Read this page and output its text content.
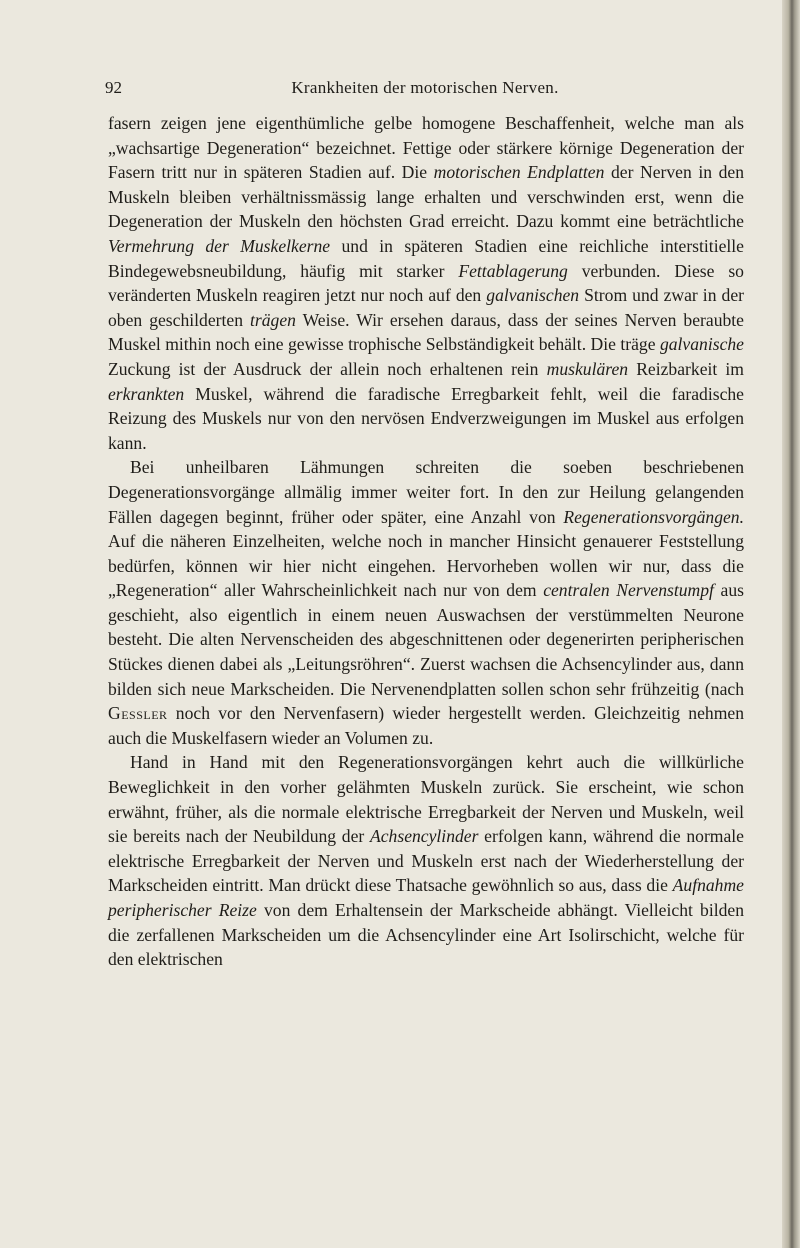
92	Krankheiten der motorischen Nerven.

fasern zeigen jene eigenthümliche gelbe homogene Beschaffenheit, welche man als „wachsartige Degeneration“ bezeichnet. Fettige oder stärkere körnige Degeneration der Fasern tritt nur in späteren Stadien auf. Die motorischen Endplatten der Nerven in den Muskeln bleiben verhältnissmässig lange erhalten und verschwinden erst, wenn die Degeneration der Muskeln den höchsten Grad erreicht. Dazu kommt eine beträchtliche Vermehrung der Muskelkerne und in späteren Stadien eine reichliche interstitielle Bindegewebsneubildung, häufig mit starker Fettablagerung verbunden. Diese so veränderten Muskeln reagiren jetzt nur noch auf den galvanischen Strom und zwar in der oben geschilderten trägen Weise. Wir ersehen daraus, dass der seines Nerven beraubte Muskel mithin noch eine gewisse trophische Selbständigkeit behält. Die träge galvanische Zuckung ist der Ausdruck der allein noch erhaltenen rein muskulären Reizbarkeit im erkrankten Muskel, während die faradische Erregbarkeit fehlt, weil die faradische Reizung des Muskels nur von den nervösen Endverzweigungen im Muskel aus erfolgen kann.

Bei unheilbaren Lähmungen schreiten die soeben beschriebenen Degenerationsvorgänge allmälig immer weiter fort. In den zur Heilung gelangenden Fällen dagegen beginnt, früher oder später, eine Anzahl von Regenerationsvorgängen. Auf die näheren Einzelheiten, welche noch in mancher Hinsicht genauerer Feststellung bedürfen, können wir hier nicht eingehen. Hervorheben wollen wir nur, dass die „Regeneration“ aller Wahrscheinlichkeit nach nur von dem centralen Nervenstumpf aus geschieht, also eigentlich in einem neuen Auswachsen der verstümmelten Neurone besteht. Die alten Nervenscheiden des abgeschnittenen oder degenerirten peripherischen Stückes dienen dabei als „Leitungsröhren“. Zuerst wachsen die Achsencylinder aus, dann bilden sich neue Markscheiden. Die Nervenendplatten sollen schon sehr frühzeitig (nach Gessler noch vor den Nervenfasern) wieder hergestellt werden. Gleichzeitig nehmen auch die Muskelfasern wieder an Volumen zu.

Hand in Hand mit den Regenerationsvorgängen kehrt auch die willkürliche Beweglichkeit in den vorher gelähmten Muskeln zurück. Sie erscheint, wie schon erwähnt, früher, als die normale elektrische Erregbarkeit der Nerven und Muskeln, weil sie bereits nach der Neubildung der Achsencylinder erfolgen kann, während die normale elektrische Erregbarkeit der Nerven und Muskeln erst nach der Wiederherstellung der Markscheiden eintritt. Man drückt diese Thatsache gewöhnlich so aus, dass die Aufnahme peripherischer Reize von dem Erhaltensein der Markscheide abhängt. Vielleicht bilden die zerfallenen Markscheiden um die Achsencylinder eine Art Isolirschicht, welche für den elektrischen
